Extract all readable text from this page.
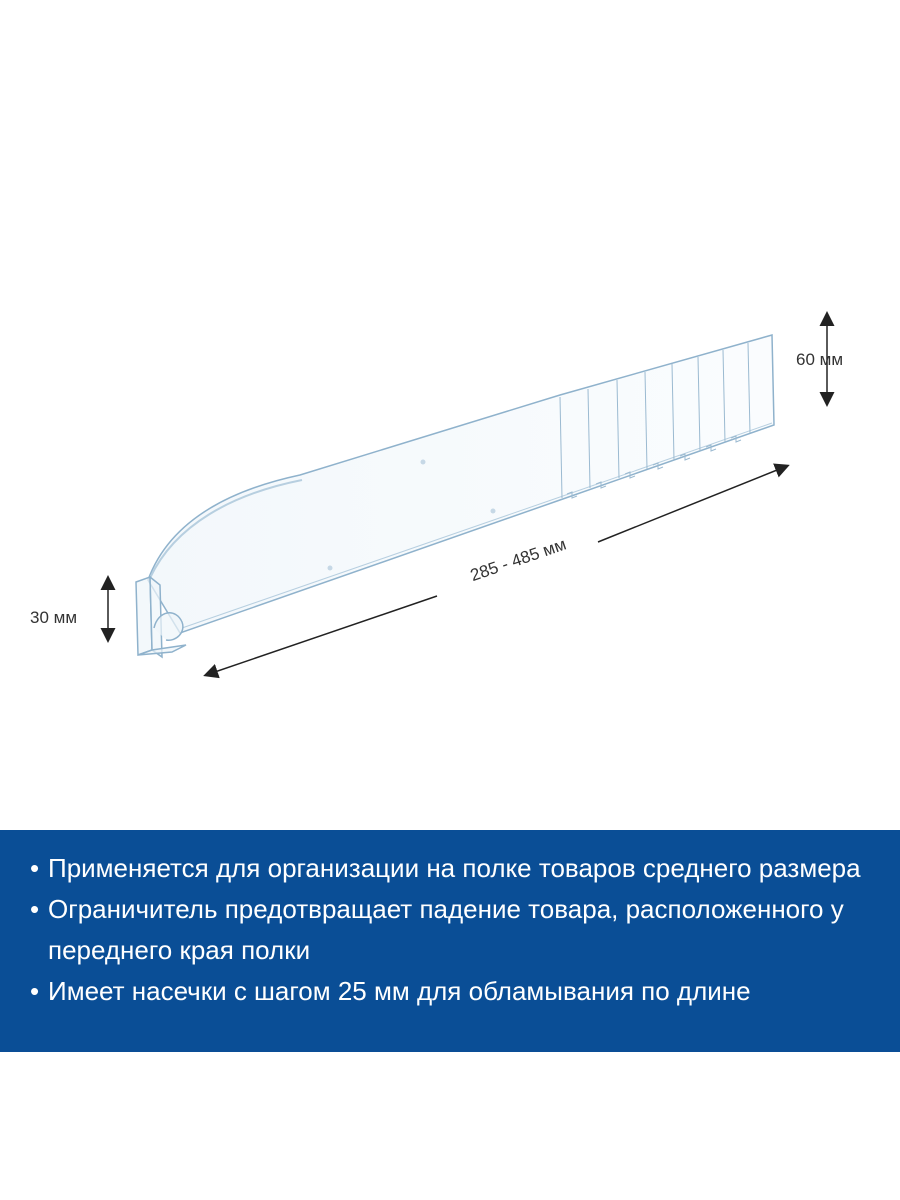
285 - 485 мм
60 мм
30 мм
• Применяется для организации на полке товаров среднего размера
• Ограничитель предотвращает падение товара, расположенного у переднего края полки
• Имеет насечки с шагом 25 мм для обламывания по длине
